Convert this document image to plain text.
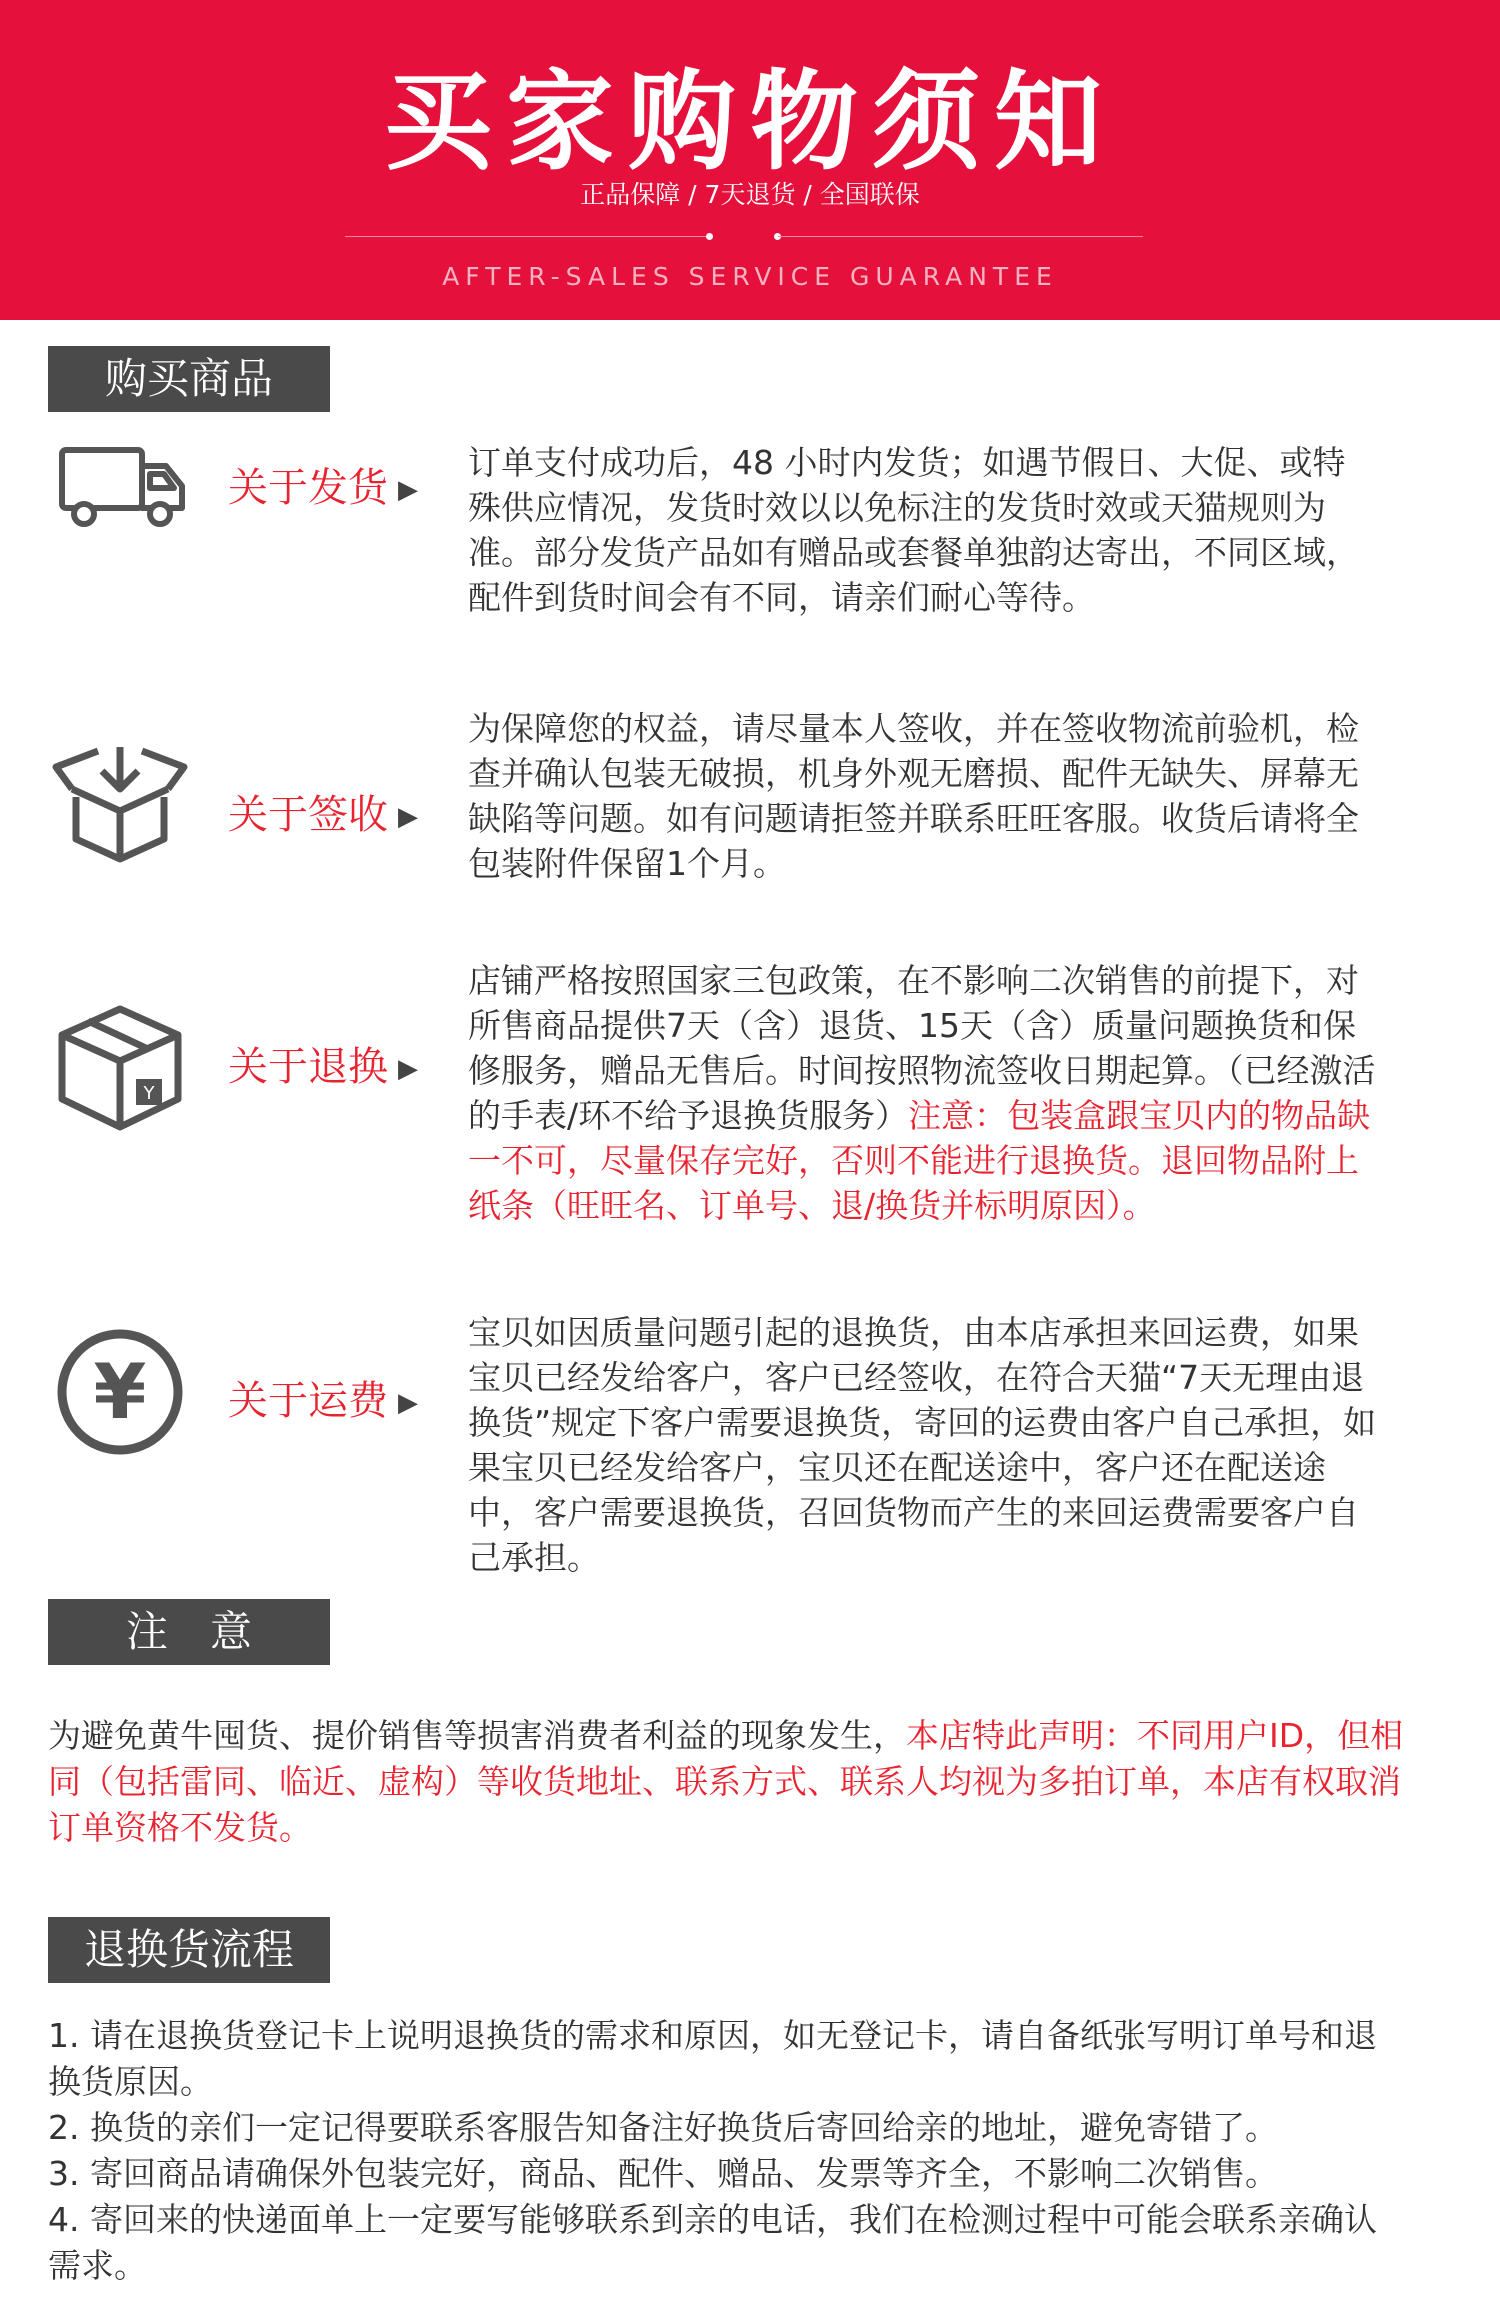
买家购物须知
正品保障 / 7天退货 / 全国联保
AFTER-SALES SERVICE GUARANTEE
购买商品
关于发货 ▶
订单支付成功后，48 小时内发货；如遇节假日、大促、或特殊供应情况，发货时效以以免标注的发货时效或天猫规则为准。部分发货产品如有赠品或套餐单独韵达寄出，不同区域，配件到货时间会有不同，请亲们耐心等待。
关于签收 ▶
为保障您的权益，请尽量本人签收，并在签收物流前验机，检查并确认包装无破损，机身外观无磨损、配件无缺失、屏幕无缺陷等问题。如有问题请拒签并联系旺旺客服。收货后请将全包装附件保留1个月。
Y
关于退换 ▶
店铺严格按照国家三包政策，在不影响二次销售的前提下，对所售商品提供7天（含）退货、15天（含）质量问题换货和保修服务，赠品无售后。时间按照物流签收日期起算。（已经激活的手表/环不给予退换货服务）注意：包装盒跟宝贝内的物品缺一不可，尽量保存完好，否则不能进行退换货。退回物品附上纸条（旺旺名、订单号、退/换货并标明原因）。
¥ 关于运费 ▶
宝贝如因质量问题引起的退换货，由本店承担来回运费，如果宝贝已经发给客户，客户已经签收，在符合天猫“7天无理由退换货”规定下客户需要退换货，寄回的运费由客户自己承担，如果宝贝已经发给客户，宝贝还在配送途中，客户还在配送途中，客户需要退换货，召回货物而产生的来回运费需要客户自己承担。
注　意
为避免黄牛囤货、提价销售等损害消费者利益的现象发生，本店特此声明：不同用户ID，但相同（包括雷同、临近、虚构）等收货地址、联系方式、联系人均视为多拍订单，本店有权取消订单资格不发货。
退换货流程

1. 请在退换货登记卡上说明退换货的需求和原因，如无登记卡，请自备纸张写明订单号和退换货原因。

2. 换货的亲们一定记得要联系客服告知备注好换货后寄回给亲的地址，避免寄错了。

3. 寄回商品请确保外包装完好，商品、配件、赠品、发票等齐全，不影响二次销售。

4. 寄回来的快递面单上一定要写能够联系到亲的电话，我们在检测过程中可能会联系亲确认需求。
